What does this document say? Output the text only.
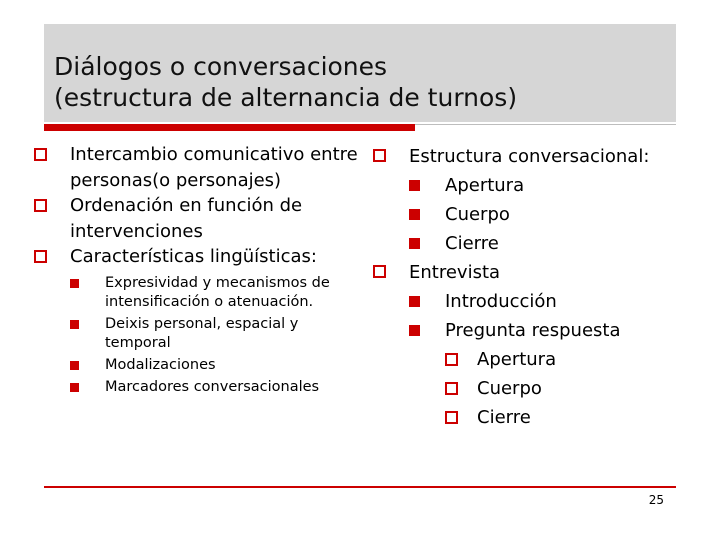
Diálogos o conversaciones
(estructura de alternancia de turnos)
Intercambio comunicativo entre personas(o personajes)
Ordenación en función de intervenciones
Características lingüísticas:
Expresividad y mecanismos de intensificación o atenuación.
Deixis personal, espacial y temporal
Modalizaciones
Marcadores conversacionales
Estructura conversacional:
Apertura
Cuerpo
Cierre
Entrevista
Introducción
Pregunta respuesta
Apertura
Cuerpo
Cierre
25
